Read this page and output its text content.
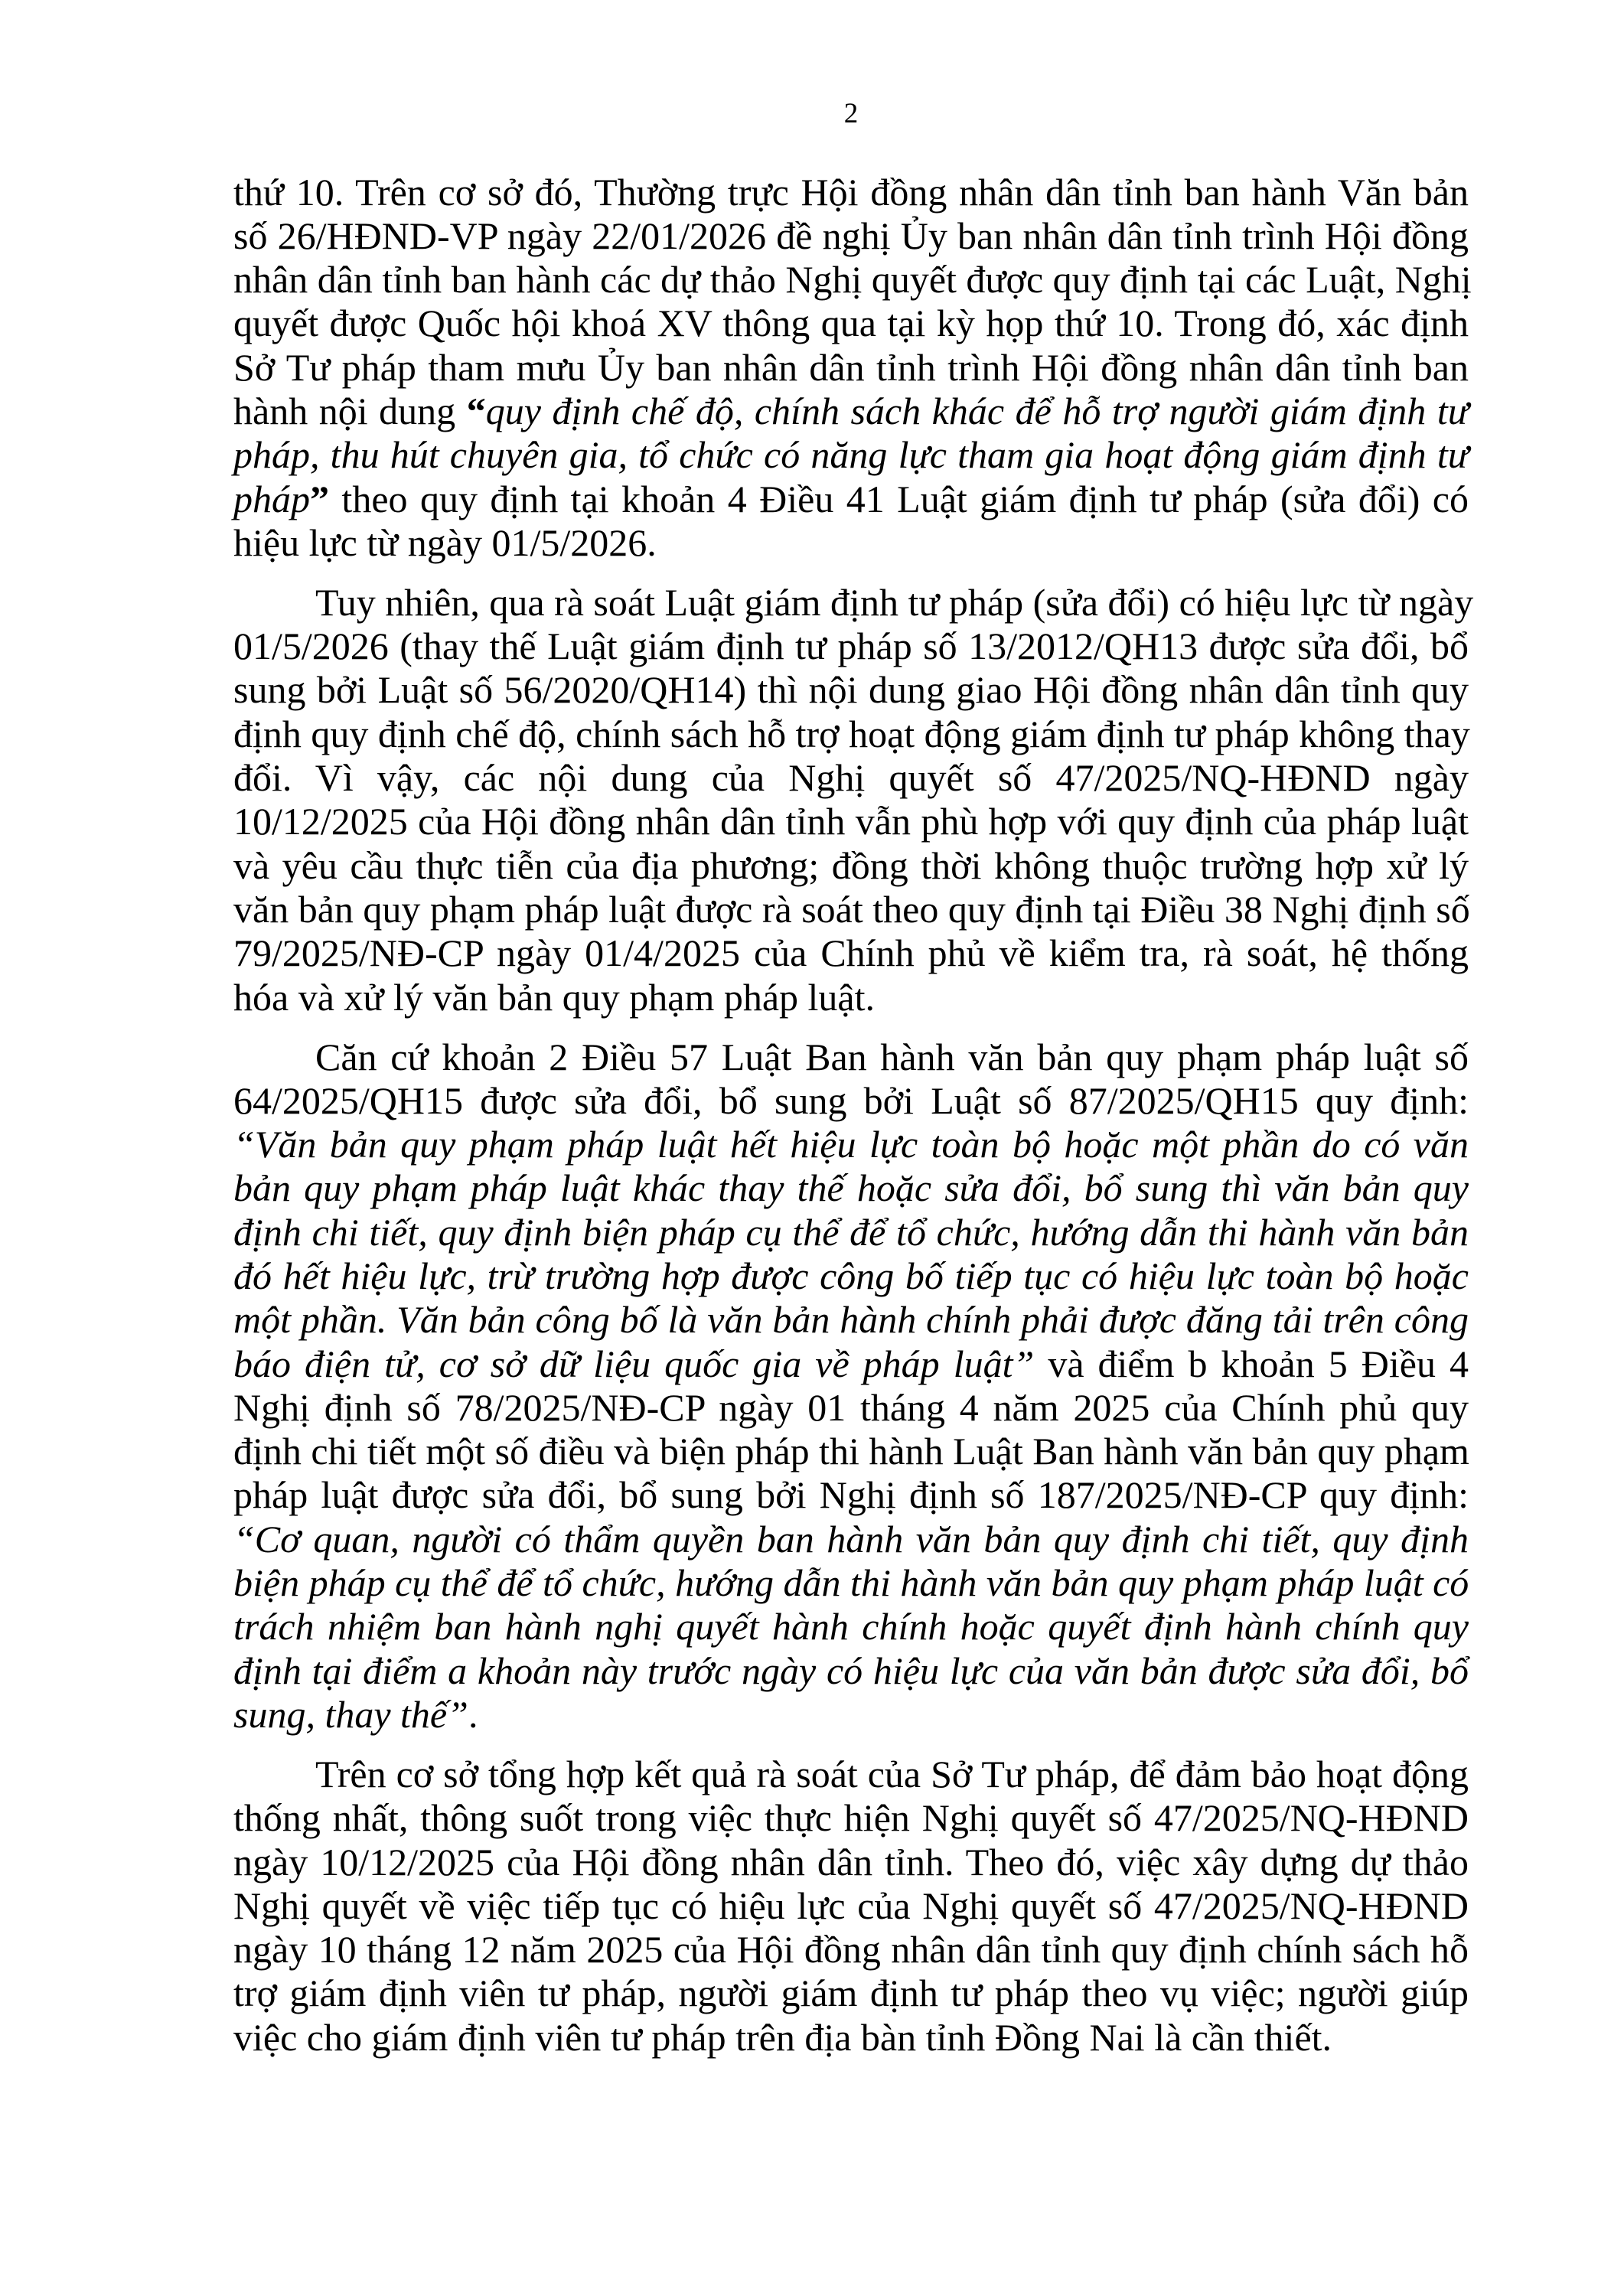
2
thứ 10. Trên cơ sở đó, Thường trực Hội đồng nhân dân tỉnh ban hành Văn bản
số 26/HĐND-VP ngày 22/01/2026 đề nghị Ủy ban nhân dân tỉnh trình Hội đồng
nhân dân tỉnh ban hành các dự thảo Nghị quyết được quy định tại các Luật, Nghị
quyết được Quốc hội khoá XV thông qua tại kỳ họp thứ 10. Trong đó, xác định
Sở Tư pháp tham mưu Ủy ban nhân dân tỉnh trình Hội đồng nhân dân tỉnh ban
hành nội dung “quy định chế độ, chính sách khác để hỗ trợ người giám định tư
pháp, thu hút chuyên gia, tổ chức có năng lực tham gia hoạt động giám định tư
pháp” theo quy định tại khoản 4 Điều 41 Luật giám định tư pháp (sửa đổi) có
hiệu lực từ ngày 01/5/2026.
Tuy nhiên, qua rà soát Luật giám định tư pháp (sửa đổi) có hiệu lực từ ngày
01/5/2026 (thay thế Luật giám định tư pháp số 13/2012/QH13 được sửa đổi, bổ
sung bởi Luật số 56/2020/QH14) thì nội dung giao Hội đồng nhân dân tỉnh quy
định quy định chế độ, chính sách hỗ trợ hoạt động giám định tư pháp không thay
đổi. Vì vậy, các nội dung của Nghị quyết số 47/2025/NQ-HĐND ngày
10/12/2025 của Hội đồng nhân dân tỉnh vẫn phù hợp với quy định của pháp luật
và yêu cầu thực tiễn của địa phương; đồng thời không thuộc trường hợp xử lý
văn bản quy phạm pháp luật được rà soát theo quy định tại Điều 38 Nghị định số
79/2025/NĐ-CP ngày 01/4/2025 của Chính phủ về kiểm tra, rà soát, hệ thống
hóa và xử lý văn bản quy phạm pháp luật.
Căn cứ khoản 2 Điều 57 Luật Ban hành văn bản quy phạm pháp luật số
64/2025/QH15 được sửa đổi, bổ sung bởi Luật số 87/2025/QH15 quy định:
“Văn bản quy phạm pháp luật hết hiệu lực toàn bộ hoặc một phần do có văn
bản quy phạm pháp luật khác thay thế hoặc sửa đổi, bổ sung thì văn bản quy
định chi tiết, quy định biện pháp cụ thể để tổ chức, hướng dẫn thi hành văn bản
đó hết hiệu lực, trừ trường hợp được công bố tiếp tục có hiệu lực toàn bộ hoặc
một phần. Văn bản công bố là văn bản hành chính phải được đăng tải trên công
báo điện tử, cơ sở dữ liệu quốc gia về pháp luật” và điểm b khoản 5 Điều 4
Nghị định số 78/2025/NĐ-CP ngày 01 tháng 4 năm 2025 của Chính phủ quy
định chi tiết một số điều và biện pháp thi hành Luật Ban hành văn bản quy phạm
pháp luật được sửa đổi, bổ sung bởi Nghị định số 187/2025/NĐ-CP quy định:
“Cơ quan, người có thẩm quyền ban hành văn bản quy định chi tiết, quy định
biện pháp cụ thể để tổ chức, hướng dẫn thi hành văn bản quy phạm pháp luật có
trách nhiệm ban hành nghị quyết hành chính hoặc quyết định hành chính quy
định tại điểm a khoản này trước ngày có hiệu lực của văn bản được sửa đổi, bổ
sung, thay thế”.
Trên cơ sở tổng hợp kết quả rà soát của Sở Tư pháp, để đảm bảo hoạt động
thống nhất, thông suốt trong việc thực hiện Nghị quyết số 47/2025/NQ-HĐND
ngày 10/12/2025 của Hội đồng nhân dân tỉnh. Theo đó, việc xây dựng dự thảo
Nghị quyết về việc tiếp tục có hiệu lực của Nghị quyết số 47/2025/NQ-HĐND
ngày 10 tháng 12 năm 2025 của Hội đồng nhân dân tỉnh quy định chính sách hỗ
trợ giám định viên tư pháp, người giám định tư pháp theo vụ việc; người giúp
việc cho giám định viên tư pháp trên địa bàn tỉnh Đồng Nai là cần thiết.
